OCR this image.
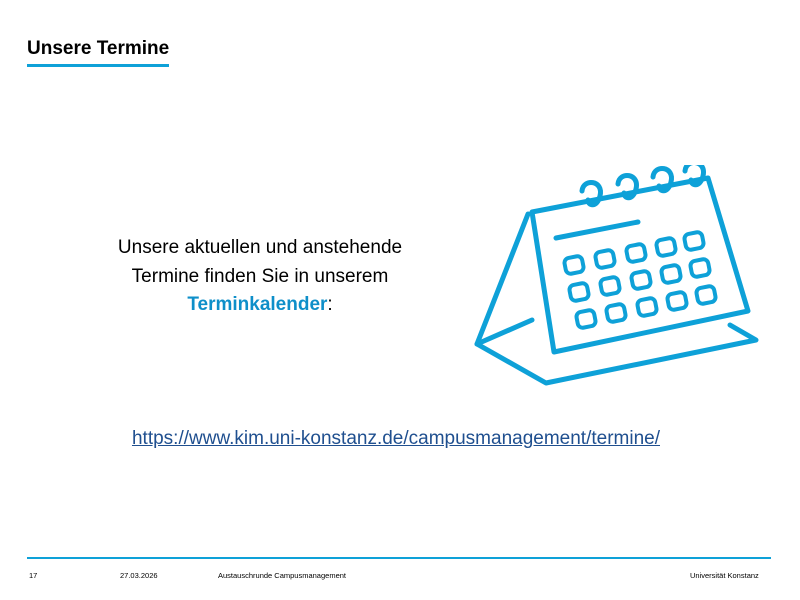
Unsere Termine
Unsere aktuellen und anstehende
Termine finden Sie in unserem
Terminkalender:
https://www.kim.uni-konstanz.de/campusmanagement/termine/
17	27.03.2026	Austauschrunde Campusmanagement	Universität Konstanz
